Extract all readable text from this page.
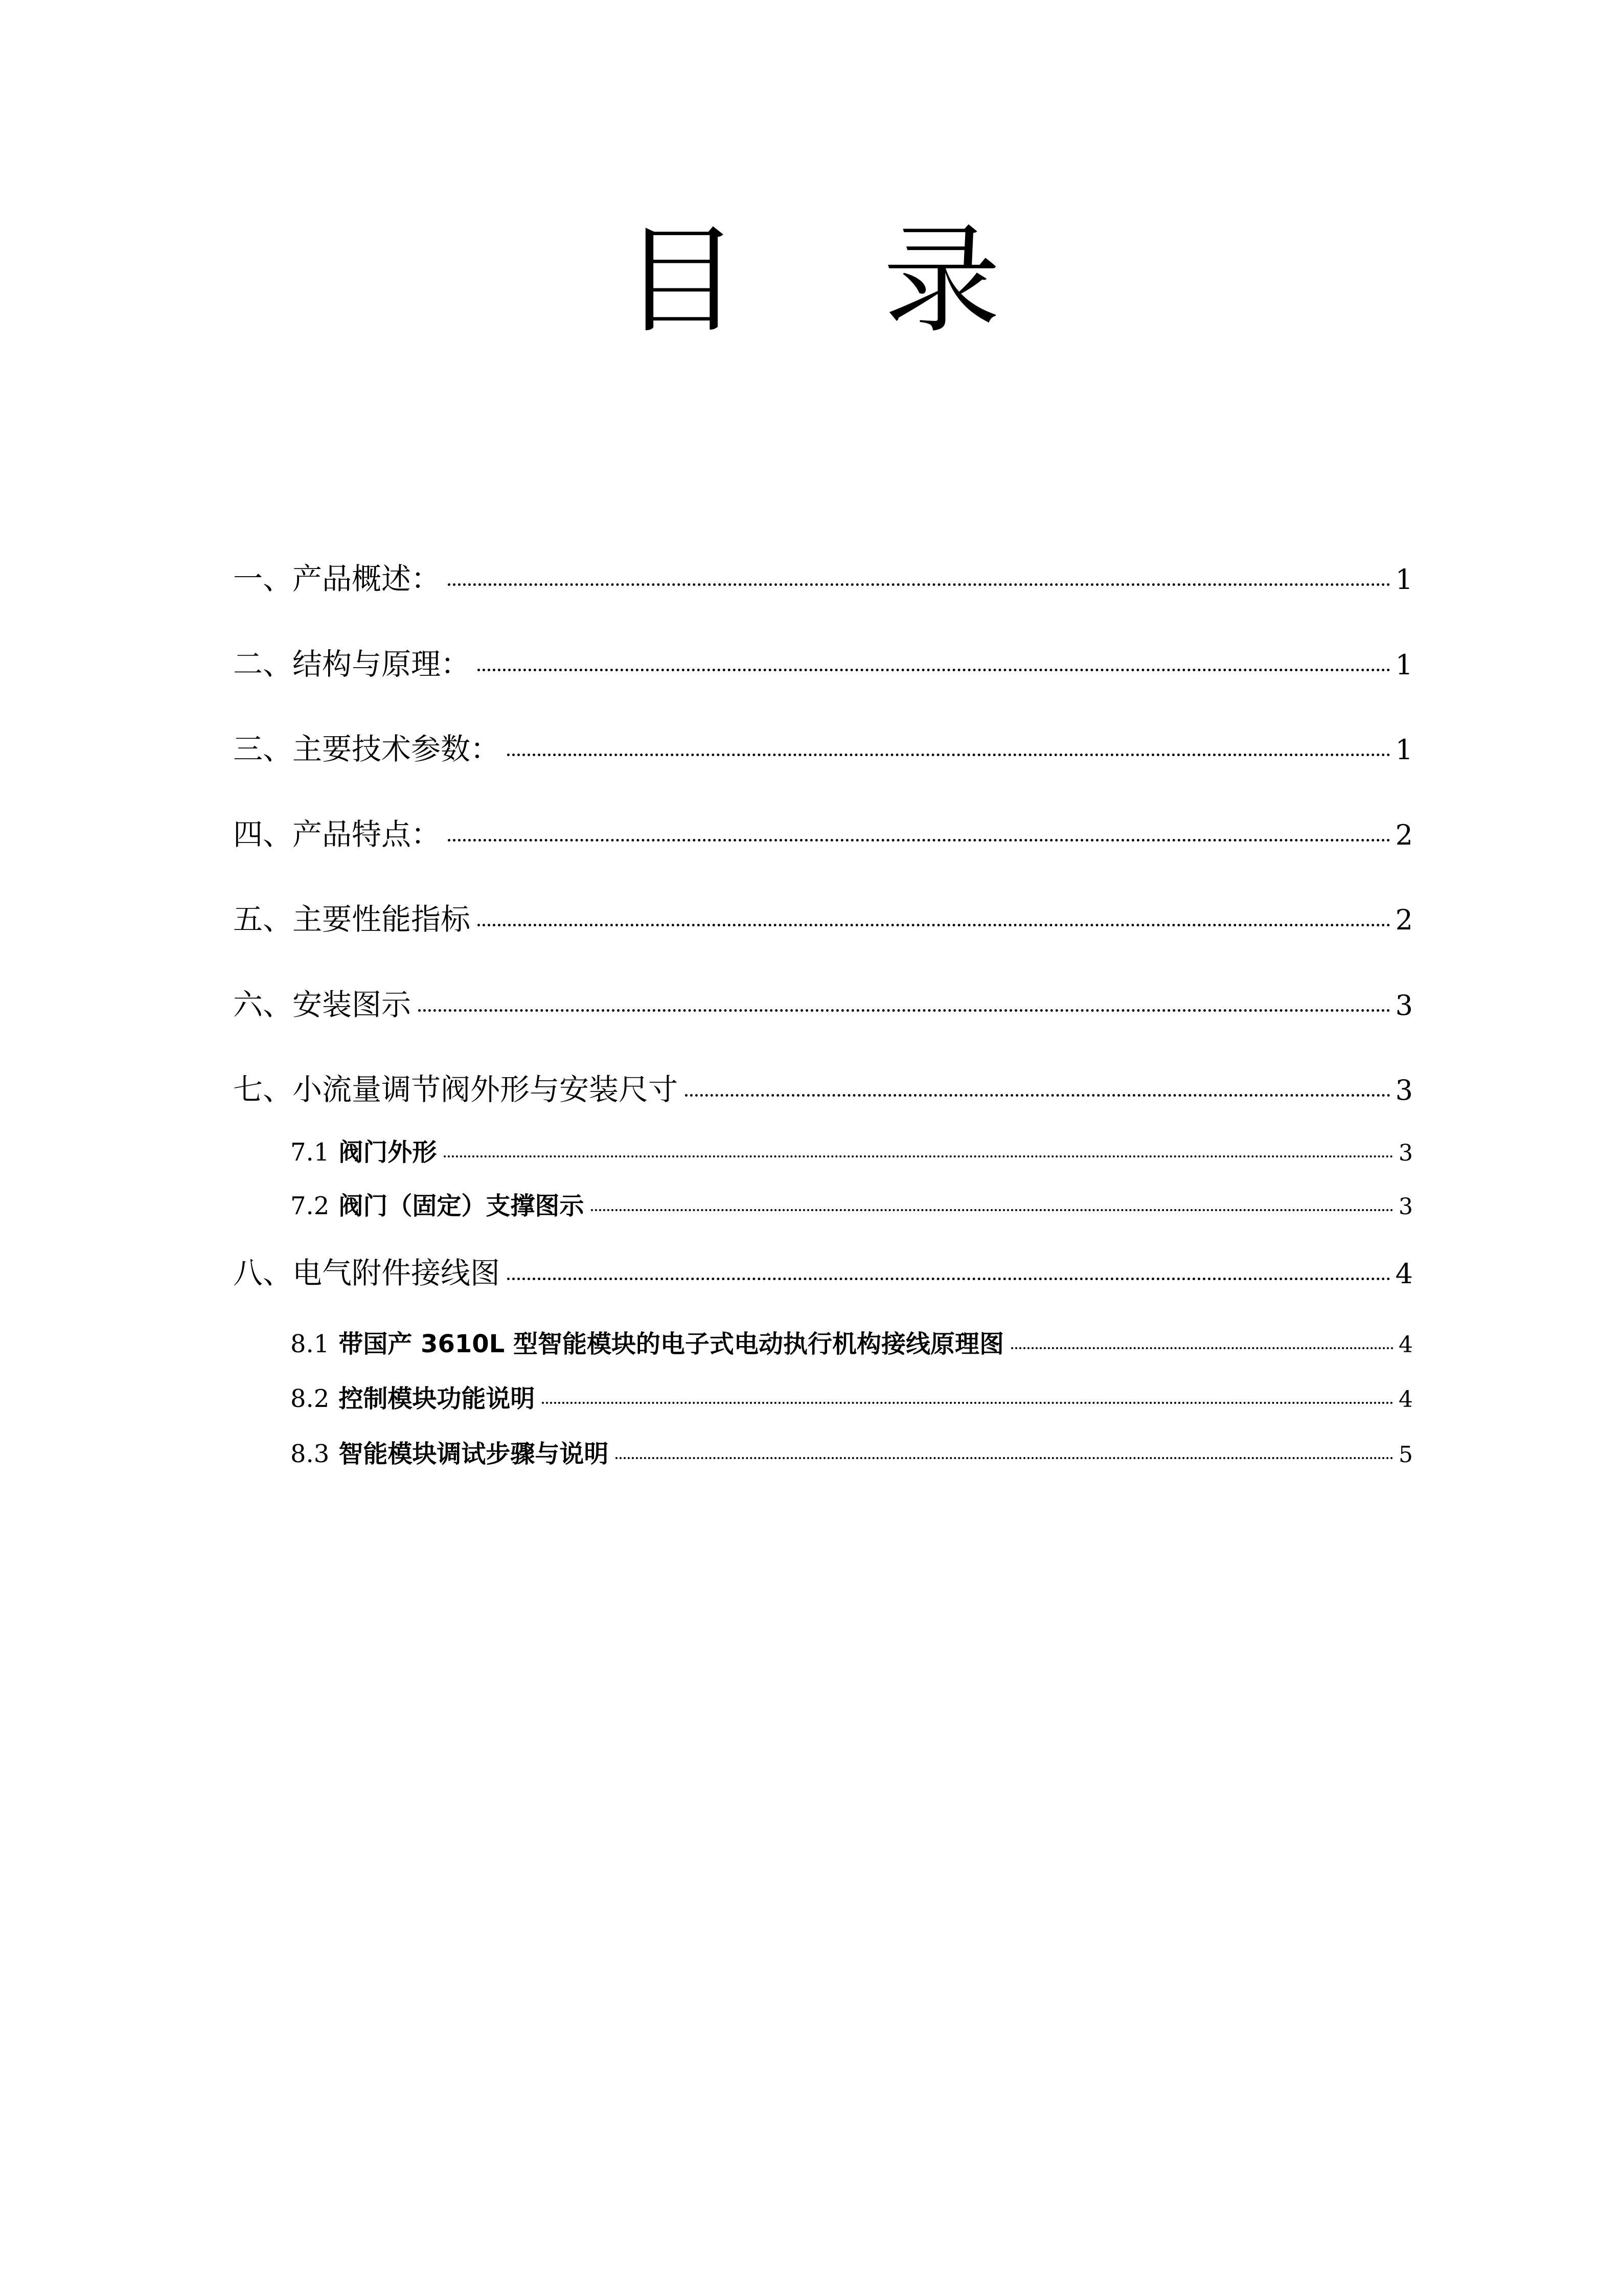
目 录
一、产品概述：	1
二、结构与原理：	1
三、主要技术参数：	1
四、产品特点：	2
五、主要性能指标	2
六、安装图示	3
七、小流量调节阀外形与安装尺寸	3
7.1 阀门外形	3
7.2 阀门（固定）支撑图示	3
八、电气附件接线图	4
8.1 带国产 3610L 型智能模块的电子式电动执行机构接线原理图	4
8.2 控制模块功能说明	4
8.3 智能模块调试步骤与说明	5
